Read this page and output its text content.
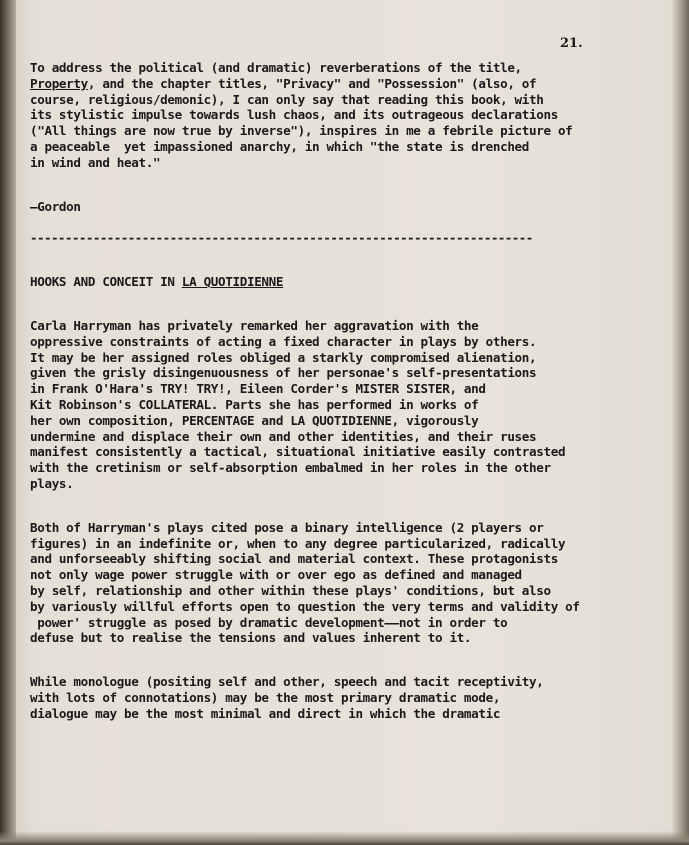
21.
To address the political (and dramatic) reverberations of the title,
Property, and the chapter titles, "Privacy" and "Possession" (also, of
course, religious/demonic), I can only say that reading this book, with
its stylistic impulse towards lush chaos, and its outrageous declarations
("All things are now true by inverse"), inspires in me a febrile picture of
a peaceable  yet impassioned anarchy, in which "the state is drenched
in wind and heat."
—Gordon
------------------------------------------------------------------------
HOOKS AND CONCEIT IN LA QUOTIDIENNE
Carla Harryman has privately remarked her aggravation with the
oppressive constraints of acting a fixed character in plays by others.
It may be her assigned roles obliged a starkly compromised alienation,
given the grisly disingenuousness of her personae's self-presentations
in Frank O'Hara's TRY! TRY!, Eileen Corder's MISTER SISTER, and
Kit Robinson's COLLATERAL. Parts she has performed in works of
her own composition, PERCENTAGE and LA QUOTIDIENNE, vigorously
undermine and displace their own and other identities, and their ruses
manifest consistently a tactical, situational initiative easily contrasted
with the cretinism or self-absorption embalmed in her roles in the other
plays.
Both of Harryman's plays cited pose a binary intelligence (2 players or
figures) in an indefinite or, when to any degree particularized, radically
and unforseeably shifting social and material context. These protagonists
not only wage power struggle with or over ego as defined and managed
by self, relationship and other within these plays' conditions, but also
by variously willful efforts open to question the very terms and validity of
power' struggle as posed by dramatic development——not in order to
defuse but to realise the tensions and values inherent to it.
While monologue (positing self and other, speech and tacit receptivity,
with lots of connotations) may be the most primary dramatic mode,
dialogue may be the most minimal and direct in which the dramatic
